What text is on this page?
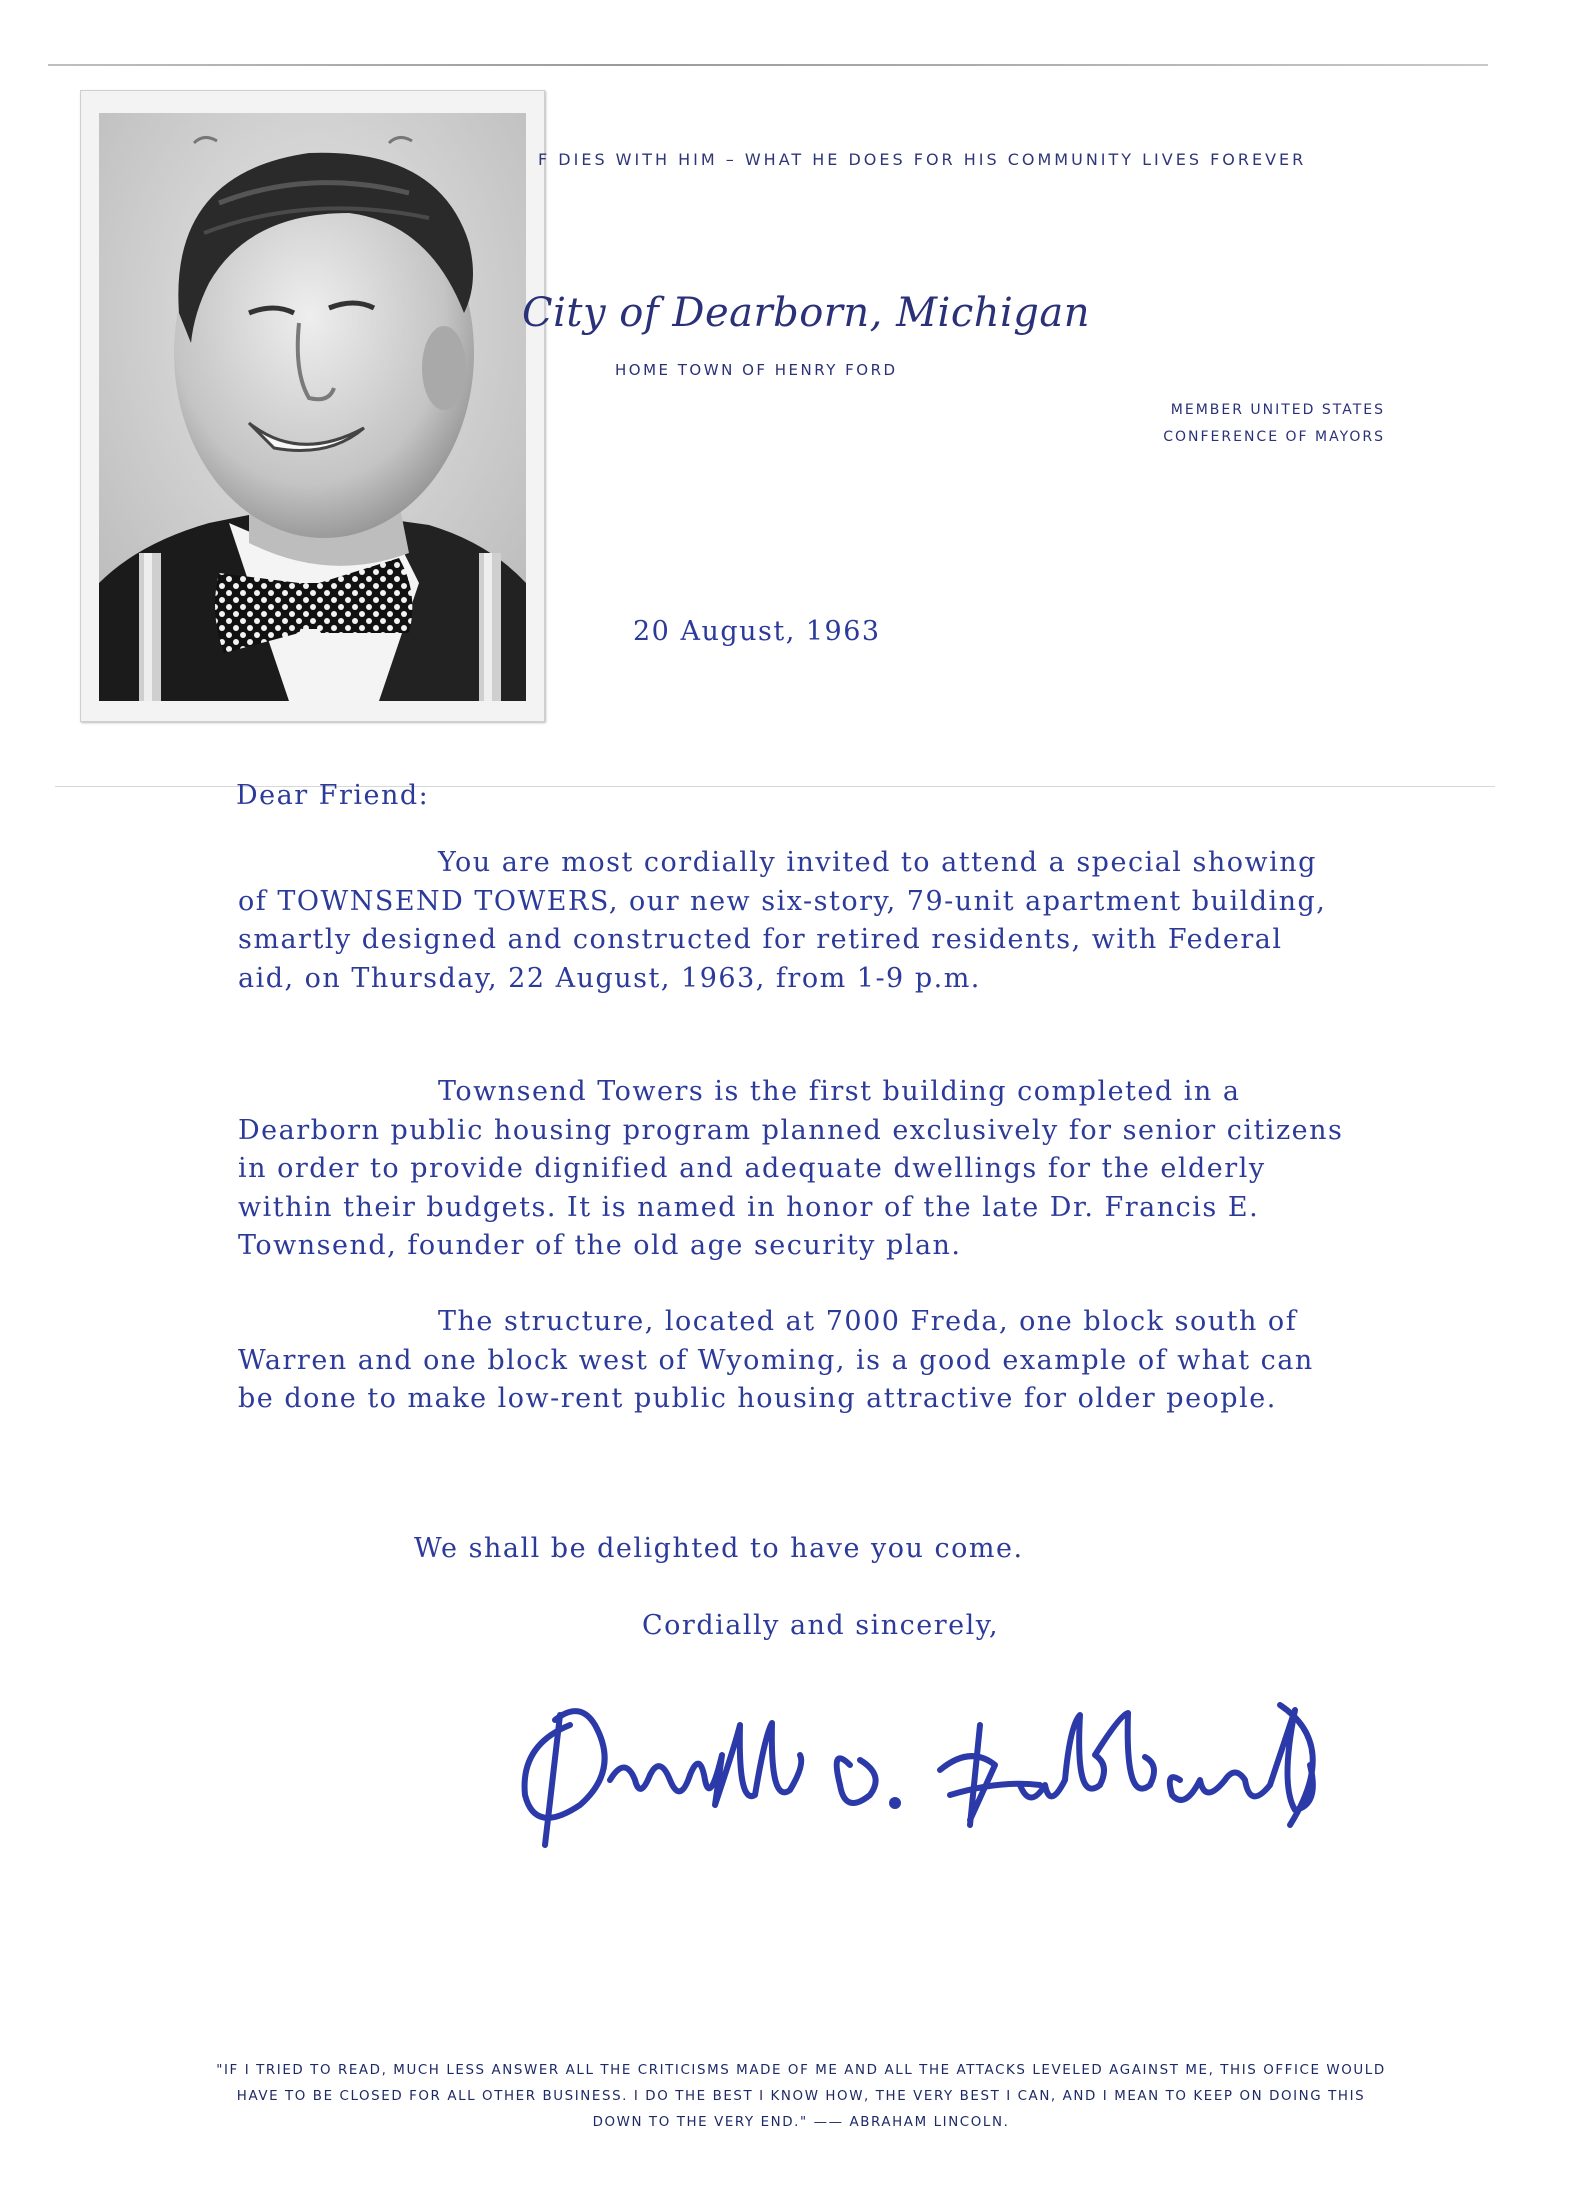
F DIES WITH HIM – WHAT HE DOES FOR HIS COMMUNITY LIVES FOREVER
City of Dearborn, Michigan
HOME TOWN OF HENRY FORD
MEMBER UNITED STATES
CONFERENCE OF MAYORS
20 August, 1963
Dear Friend:

You are most cordially invited to attend a special showing of TOWNSEND TOWERS, our new six-story, 79-unit apartment building, smartly designed and constructed for retired residents, with Federal aid, on Thursday, 22 August, 1963, from 1-9 p.m.

Townsend Towers is the first building completed in a Dearborn public housing program planned exclusively for senior citizens in order to provide dignified and adequate dwellings for the elderly within their budgets. It is named in honor of the late Dr. Francis E. Townsend, founder of the old age security plan.

The structure, located at 7000 Freda, one block south of Warren and one block west of Wyoming, is a good example of what can be done to make low-rent public housing attractive for older people.

We shall be delighted to have you come.
Cordially and sincerely,
"IF I TRIED TO READ, MUCH LESS ANSWER ALL THE CRITICISMS MADE OF ME AND ALL THE ATTACKS LEVELED AGAINST ME, THIS OFFICE WOULD HAVE TO BE CLOSED FOR ALL OTHER BUSINESS. I DO THE BEST I KNOW HOW, THE VERY BEST I CAN, AND I MEAN TO KEEP ON DOING THIS DOWN TO THE VERY END." —— ABRAHAM LINCOLN.
